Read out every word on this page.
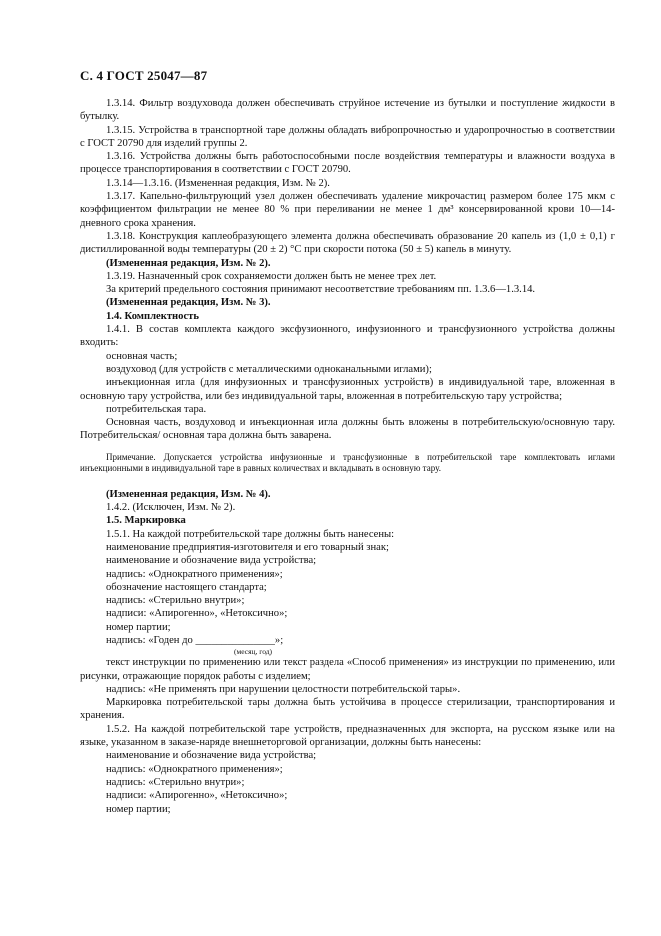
С. 4 ГОСТ 25047—87

1.3.14. Фильтр воздуховода должен обеспечивать струйное истечение из бутылки и поступление жидкости в бутылку.

1.3.15. Устройства в транспортной таре должны обладать вибропрочностью и ударопрочностью в соответствии с ГОСТ 20790 для изделий группы 2.

1.3.16. Устройства должны быть работоспособными после воздействия температуры и влажности воздуха в процессе транспортирования в соответствии с ГОСТ 20790.

1.3.14—1.3.16. (Измененная редакция, Изм. № 2).

1.3.17. Капельно-фильтрующий узел должен обеспечивать удаление микрочастиц размером более 175 мкм с коэффициентом фильтрации не менее 80 % при переливании не менее 1 дм³ консервированной крови 10—14-дневного срока хранения.

1.3.18. Конструкция каплеобразующего элемента должна обеспечивать образование 20 капель из (1,0 ± 0,1) г дистиллированной воды температуры (20 ± 2) °С при скорости потока (50 ± 5) капель в минуту.

(Измененная редакция, Изм. № 2).

1.3.19. Назначенный срок сохраняемости должен быть не менее трех лет.

За критерий предельного состояния принимают несоответствие требованиям пп. 1.3.6—1.3.14.

(Измененная редакция, Изм. № 3).

1.4. Комплектность

1.4.1. В состав комплекта каждого эксфузионного, инфузионного и трансфузионного устройства должны входить:

основная часть;

воздуховод (для устройств с металлическими одноканальными иглами);

инъекционная игла (для инфузионных и трансфузионных устройств) в индивидуальной таре, вложенная в основную тару устройства, или без индивидуальной тары, вложенная в потребительскую тару устройства;

потребительская тара.

Основная часть, воздуховод и инъекционная игла должны быть вложены в потребительскую/основную тару. Потребительская/ основная тара должна быть заварена.

Примечание. Допускается устройства инфузионные и трансфузионные в потребительской таре комплектовать иглами инъекционными в индивидуальной таре в равных количествах и вкладывать в основную тару.

(Измененная редакция, Изм. № 4).

1.4.2. (Исключен, Изм. № 2).

1.5. Маркировка

1.5.1. На каждой потребительской таре должны быть нанесены:

наименование предприятия-изготовителя и его товарный знак;

наименование и обозначение вида устройства;

надпись: «Однократного применения»;

обозначение настоящего стандарта;

надпись: «Стерильно внутри»;

надписи: «Апирогенно», «Нетоксично»;

номер партии;

надпись: «Годен до _______________»;

(месяц, год)

текст инструкции по применению или текст раздела «Способ применения» из инструкции по применению, или рисунки, отражающие порядок работы с изделием;

надпись: «Не применять при нарушении целостности потребительской тары».

Маркировка потребительской тары должна быть устойчива в процессе стерилизации, транспортирования и хранения.

1.5.2. На каждой потребительской таре устройств, предназначенных для экспорта, на русском языке или на языке, указанном в заказе-наряде внешнеторговой организации, должны быть нанесены:

наименование и обозначение вида устройства;

надпись: «Однократного применения»;

надпись: «Стерильно внутри»;

надписи: «Апирогенно», «Нетоксично»;

номер партии;
